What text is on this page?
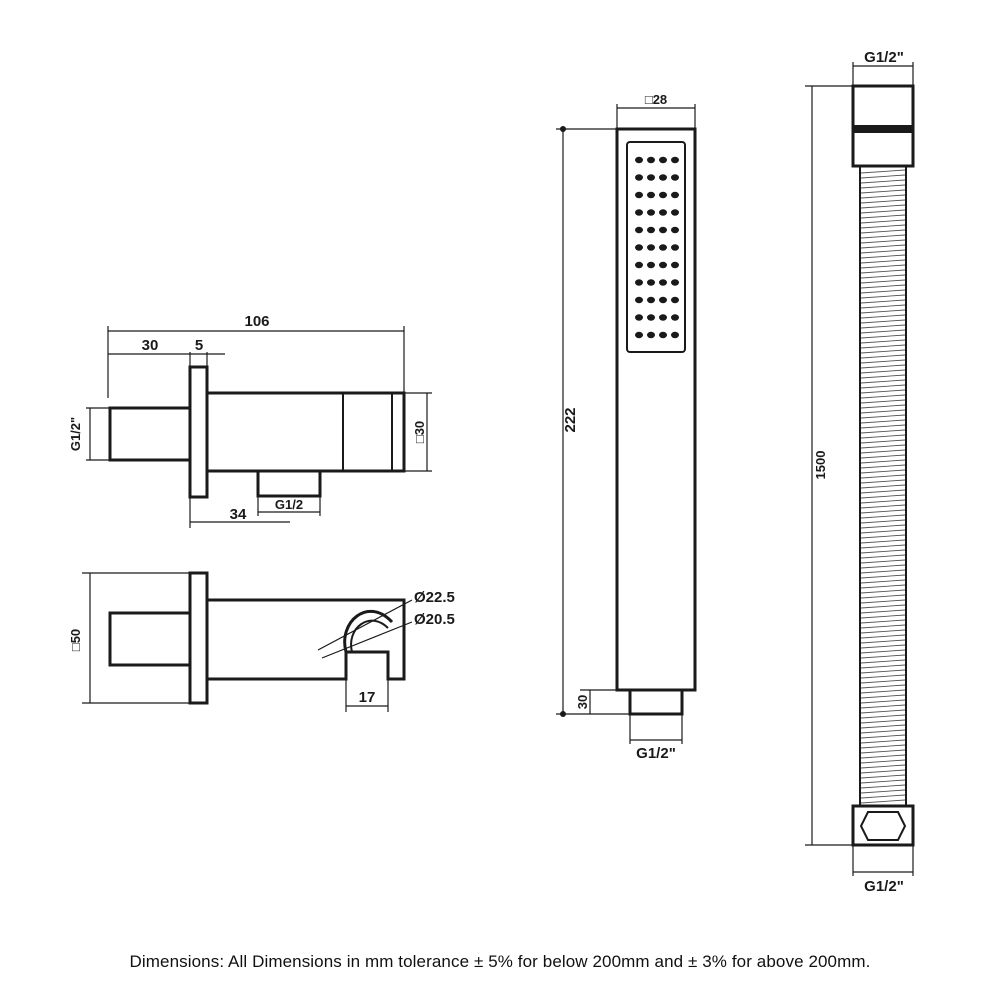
106
30 5
G1/2"	□30
34
G1/2
□50
Ø22.5
Ø20.5
17
□28
222
30
G1/2"
G1/2"
1500
G1/2"
Dimensions: All Dimensions in mm tolerance ± 5% for below 200mm and ± 3% for above 200mm.
